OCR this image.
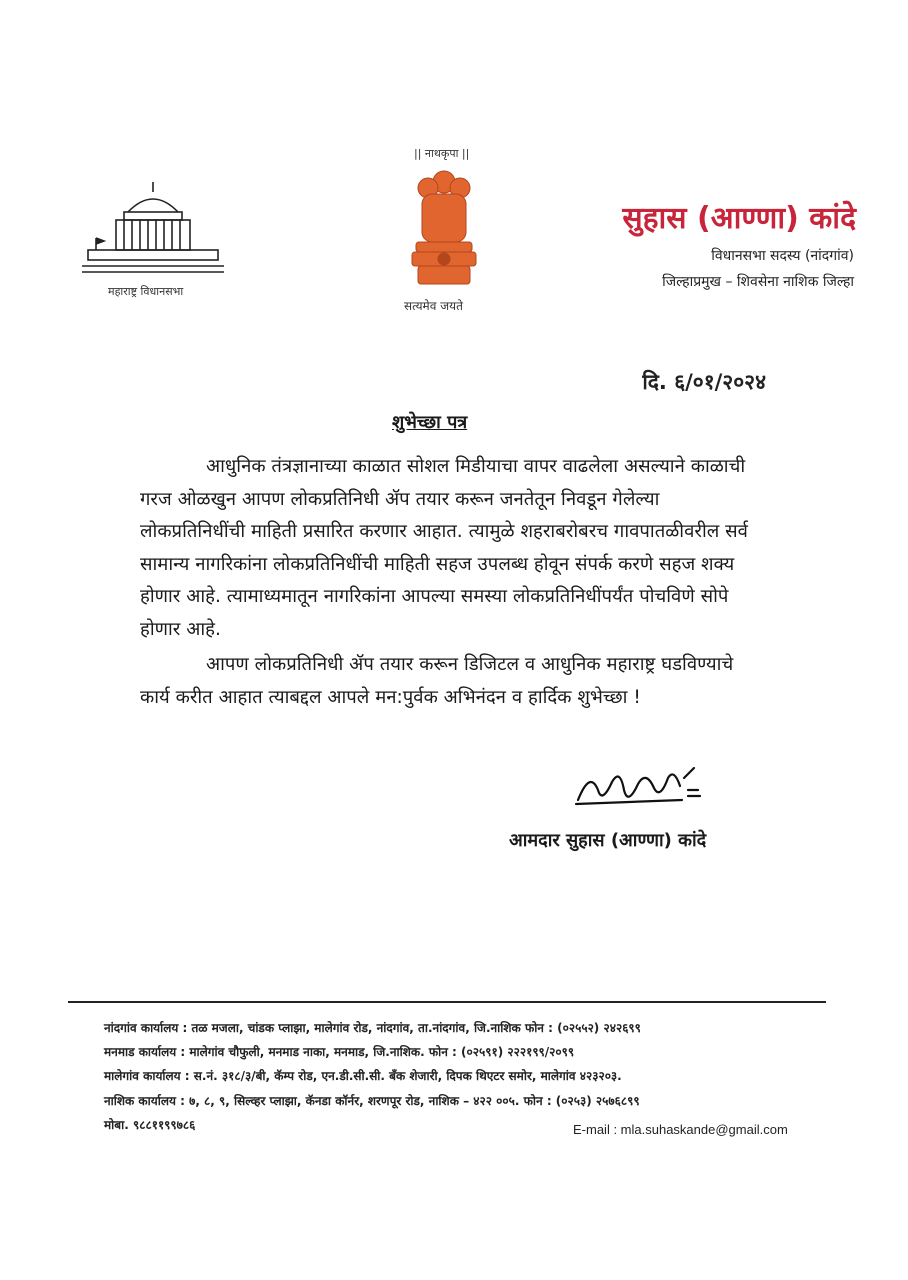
महाराष्ट्र विधानसभा
|| नाथकृपा ||
सत्यमेव जयते
सुहास (आण्णा) कांदे
विधानसभा सदस्य (नांदगांव)
जिल्हाप्रमुख – शिवसेना नाशिक जिल्हा
दि. ६/०१/२०२४
शुभेच्छा पत्र
आधुनिक तंत्रज्ञानाच्या काळात सोशल मिडीयाचा वापर वाढलेला असल्याने काळाची गरज ओळखुन आपण लोकप्रतिनिधी ॲप तयार करून जनतेतून निवडून गेलेल्या लोकप्रतिनिधींची माहिती प्रसारित करणार आहात. त्यामुळे शहराबरोबरच गावपातळीवरील सर्व सामान्य नागरिकांना लोकप्रतिनिधींची माहिती सहज उपलब्ध होवून संपर्क करणे सहज शक्य होणार आहे. त्यामाध्यमातून नागरिकांना आपल्या समस्या लोकप्रतिनिधींपर्यंत पोचविणे सोपे होणार आहे.
आपण लोकप्रतिनिधी ॲप तयार करून डिजिटल व आधुनिक महाराष्ट्र घडविण्याचे कार्य करीत आहात त्याबद्दल आपले मन:पुर्वक अभिनंदन व हार्दिक शुभेच्छा !
आमदार सुहास (आण्णा) कांदे
नांदगांव कार्यालय : तळ मजला, चांडक प्लाझा, मालेगांव रोड, नांदगांव, ता.नांदगांव, जि.नाशिक फोन : (०२५५२) २४२६९९
मनमाड कार्यालय : मालेगांव चौफुली, मनमाड नाका, मनमाड, जि.नाशिक. फोन : (०२५९१) २२२१९९/२०९९
मालेगांव कार्यालय : स.नं. ३१८/३/बी, कॅम्प रोड, एन.डी.सी.सी. बँक शेजारी, दिपक थिएटर समोर, मालेगांव ४२३२०३.
नाशिक कार्यालय : ७, ८, ९, सिल्व्हर प्लाझा, कॅनडा कॉर्नर, शरणपूर रोड, नाशिक – ४२२ ००५. फोन : (०२५३) २५७६८९९
मोबा. ९८८११९९७८६	E-mail : mla.suhaskande@gmail.com
